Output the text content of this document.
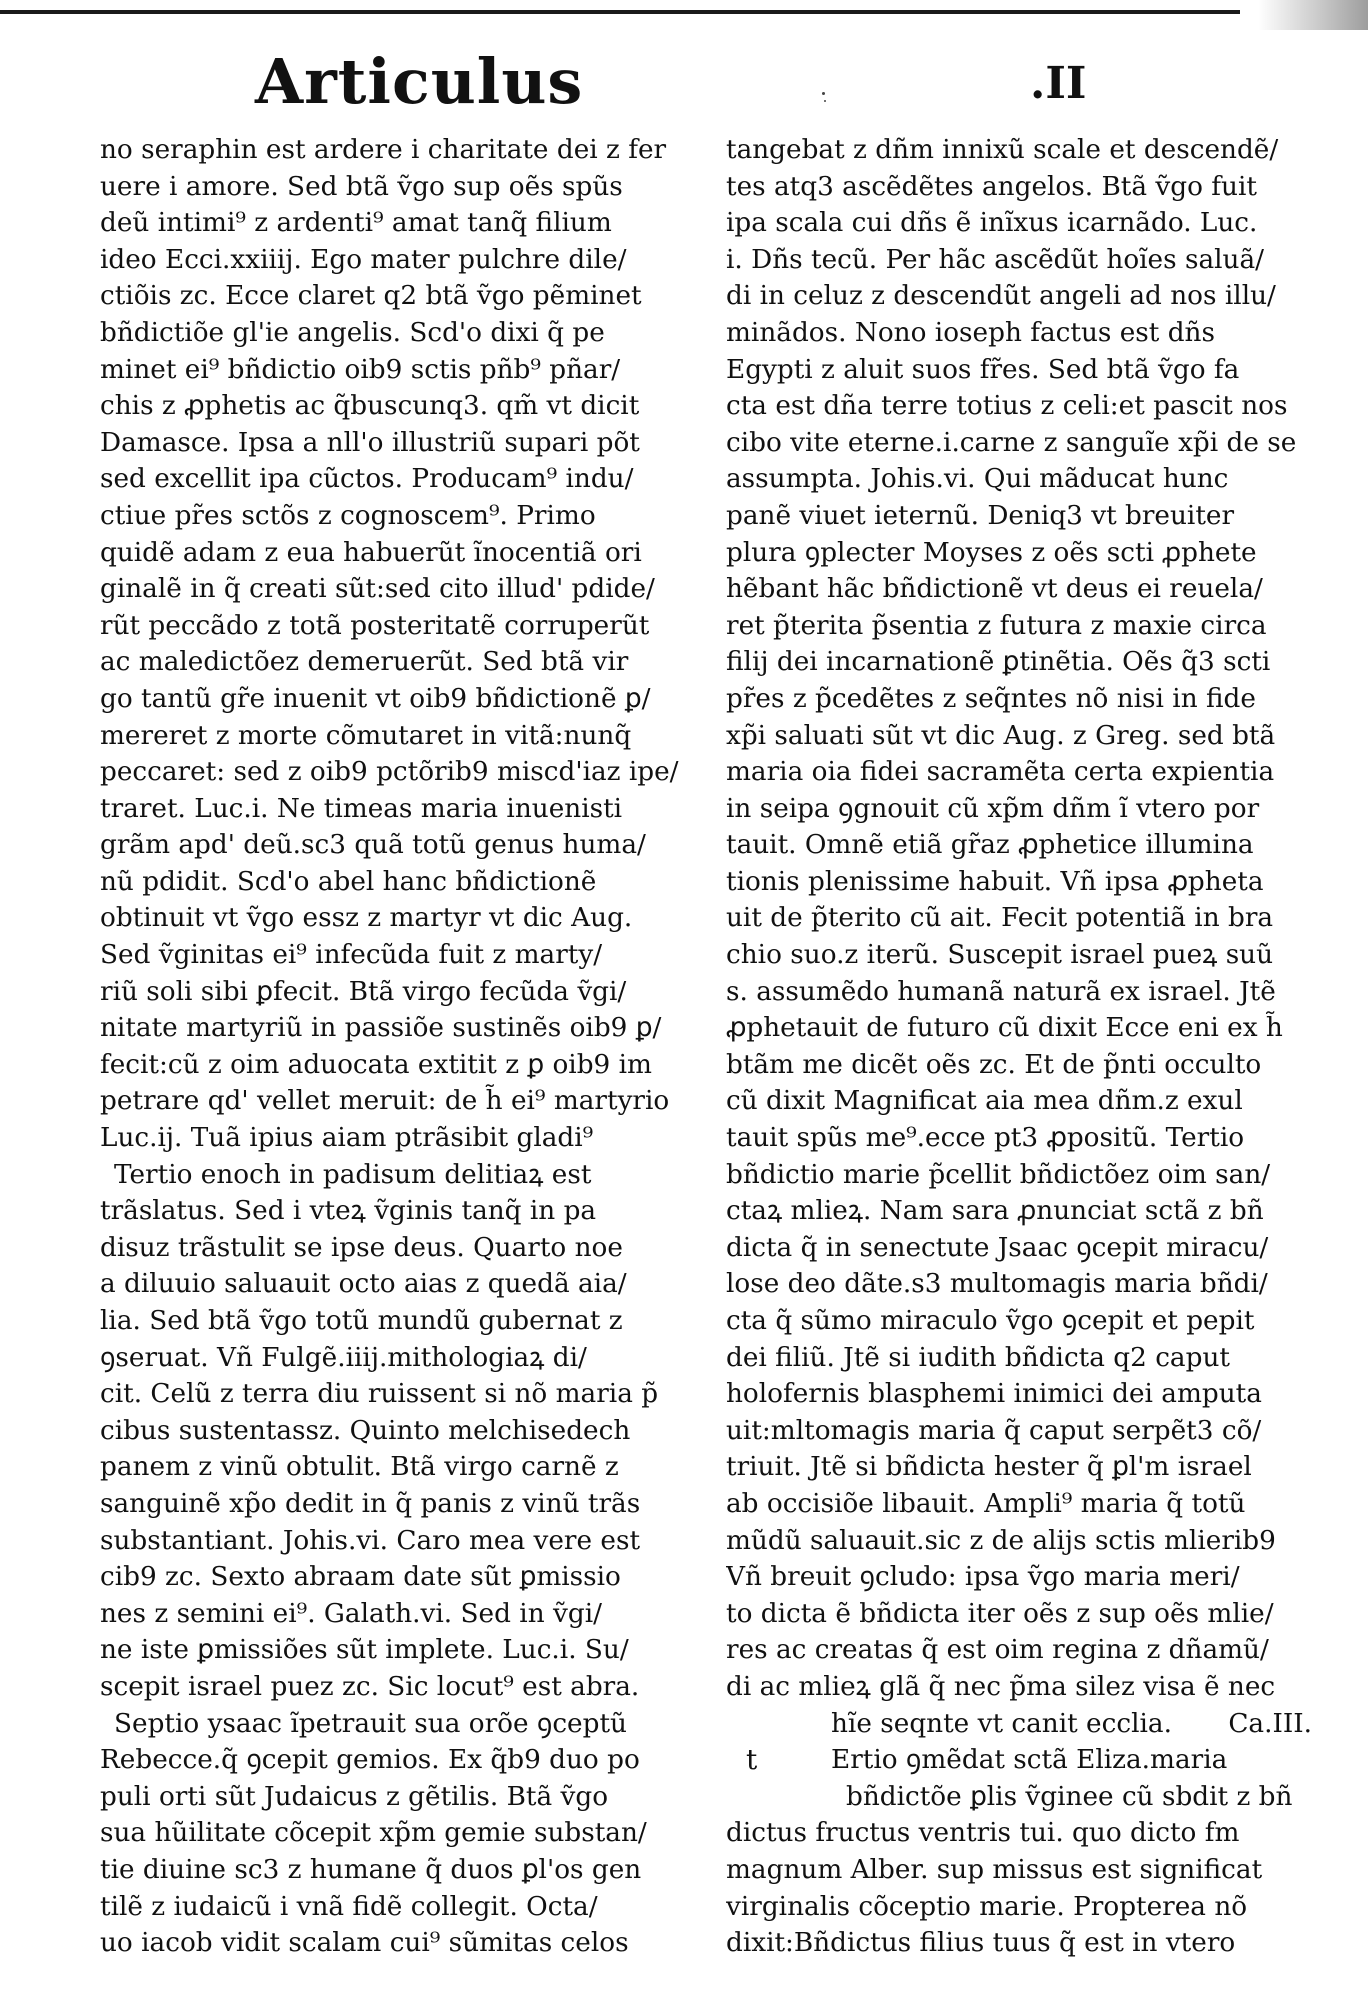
Articulus	.II
no seraphin est ardere i charitate dei z fer
uere i amore. Sed btã ṽgo sup oẽs spũs
deũ intimi⁹ z ardenti⁹ amat tanq̃ filium
ideo Ecci.xxiiij. Ego mater pulchre dile/
ctiõis zc. Ecce claret q2 btã ṽgo pẽminet
bñdictiõe gl'ie angelis. Scd'o dixi q̃ pe
minet ei⁹ bñdictio oib9 sctis pñb⁹ pñar/
chis z ꝓphetis ac q̃buscunq3. qm̃ vt dicit
Damasce. Ipsa a nll'o illustriũ supari põt
sed excellit ipa cũctos. Producam⁹ indu/
ctiue pr̃es sctõs z cognoscem⁹. Primo
quidẽ adam z eua habuerũt ĩnocentiã ori
ginalẽ in q̃ creati sũt:sed cito illud' pdide/
rũt peccãdo z totã posteritatẽ corruperũt
ac maledictõez demeruerũt. Sed btã vir
go tantũ gr̃e inuenit vt oib9 bñdictionẽ ꝑ/
mereret z morte cõmutaret in vitã:nunq̃
peccaret: sed z oib9 pctõrib9 miscd'iaz ipe/
traret. Luc.i. Ne timeas maria inuenisti
grãm apd' deũ.sc3 quã totũ genus huma/
nũ pdidit. Scd'o abel hanc bñdictionẽ
obtinuit vt ṽgo essz z martyr vt dic Aug.
Sed ṽginitas ei⁹ infecũda fuit z marty/
riũ soli sibi ꝑfecit. Btã virgo fecũda ṽgi/
nitate martyriũ in passiõe sustinẽs oib9 ꝑ/
fecit:cũ z oim aduocata extitit z ꝑ oib9 im
petrare qd' vellet meruit: de h̃ ei⁹ martyrio
Luc.ij. Tuã ipius aiam ptrãsibit gladi⁹
Tertio enoch in padisum delitiaꝝ est
trãslatus. Sed i vteꝝ ṽginis tanq̃ in pa
disuz trãstulit se ipse deus. Quarto noe
a diluuio saluauit octo aias z quedã aia/
lia. Sed btã ṽgo totũ mundũ gubernat z
ꝯseruat. Vñ Fulgẽ.iiij.mithologiaꝝ di/
cit. Celũ z terra diu ruissent si nõ maria p̃
cibus sustentassz. Quinto melchisedech
panem z vinũ obtulit. Btã virgo carnẽ z
sanguinẽ xp̃o dedit in q̃ panis z vinũ trãs
substantiant. Johis.vi. Caro mea vere est
cib9 zc. Sexto abraam date sũt ꝑmissio
nes z semini ei⁹. Galath.vi. Sed in ṽgi/
ne iste ꝑmissiões sũt implete. Luc.i. Su/
scepit israel puez zc. Sic locut⁹ est abra.
Septio ysaac ĩpetrauit sua orõe ꝯceptũ
Rebecce.q̃ ꝯcepit gemios. Ex q̃b9 duo po
puli orti sũt Judaicus z gẽtilis. Btã ṽgo
sua hũilitate cõcepit xp̃m gemie substan/
tie diuine sc3 z humane q̃ duos ꝑl'os gen
tilẽ z iudaicũ i vnã fidẽ collegit. Octa/
uo iacob vidit scalam cui⁹ sũmitas celos
tangebat z dñm innixũ scale et descendẽ/
tes atq3 ascẽdẽtes angelos. Btã ṽgo fuit
ipa scala cui dñs ẽ inĩxus icarnãdo. Luc.
i. Dñs tecũ. Per hãc ascẽdũt hoĩes saluã/
di in celuz z descendũt angeli ad nos illu/
minãdos. Nono ioseph factus est dñs
Egypti z aluit suos fr̃es. Sed btã ṽgo fa
cta est dña terre totius z celi:et pascit nos
cibo vite eterne.i.carne z sanguĩe xp̃i de se
assumpta. Johis.vi. Qui mãducat hunc
panẽ viuet ieternũ. Deniq3 vt breuiter
plura ꝯplecter Moyses z oẽs scti ꝓphete
hẽbant hãc bñdictionẽ vt deus ei reuela/
ret p̃terita p̃sentia z futura z maxie circa
filij dei incarnationẽ ꝑtinẽtia. Oẽs q̃3 scti
pr̃es z p̃cedẽtes z seq̃ntes nõ nisi in fide
xp̃i saluati sũt vt dic Aug. z Greg. sed btã
maria oia fidei sacramẽta certa expientia
in seipa ꝯgnouit cũ xp̃m dñm ĩ vtero por
tauit. Omnẽ etiã gr̃az ꝓphetice illumina
tionis plenissime habuit. Vñ ipsa ꝓpheta
uit de p̃terito cũ ait. Fecit potentiã in bra
chio suo.z iterũ. Suscepit israel pueꝝ suũ
s. assumẽdo humanã naturã ex israel. Jtẽ
ꝓphetauit de futuro cũ dixit Ecce eni ex h̃
btãm me dicẽt oẽs zc. Et de p̃nti occulto
cũ dixit Magnificat aia mea dñm.z exul
tauit spũs me⁹.ecce pt3 ꝓpositũ. Tertio
bñdictio marie p̃cellit bñdictõez oim san/
ctaꝝ mlieꝝ. Nam sara ꝓnunciat sctã z bñ
dicta q̃ in senectute Jsaac ꝯcepit miracu/
lose deo dãte.s3 multomagis maria bñdi/
cta q̃ sũmo miraculo ṽgo ꝯcepit et pepit
dei filiũ. Jtẽ si iudith bñdicta q2 caput
holofernis blasphemi inimici dei amputa
uit:mltomagis maria q̃ caput serpẽt3 cõ/
triuit. Jtẽ si bñdicta hester q̃ ꝑl'm israel
ab occisiõe libauit. Ampli⁹ maria q̃ totũ
mũdũ saluauit.sic z de alijs sctis mlierib9
Vñ breuit ꝯcludo: ipsa ṽgo maria meri/
to dicta ẽ bñdicta iter oẽs z sup oẽs mlie/
res ac creatas q̃ est oim regina z dñamũ/
di ac mlieꝝ glã q̃ nec p̃ma silez visa ẽ nec
hĩe seqnte vt canit ecclia. Ca.III.
t	Ertio ꝯmẽdat sctã Eliza.maria
bñdictõe ꝑlis ṽginee cũ sbdit z bñ
dictus fructus ventris tui. quo dicto fm
magnum Alber. sup missus est significat
virginalis cõceptio marie. Propterea nõ
dixit:Bñdictus filius tuus q̃ est in vtero
